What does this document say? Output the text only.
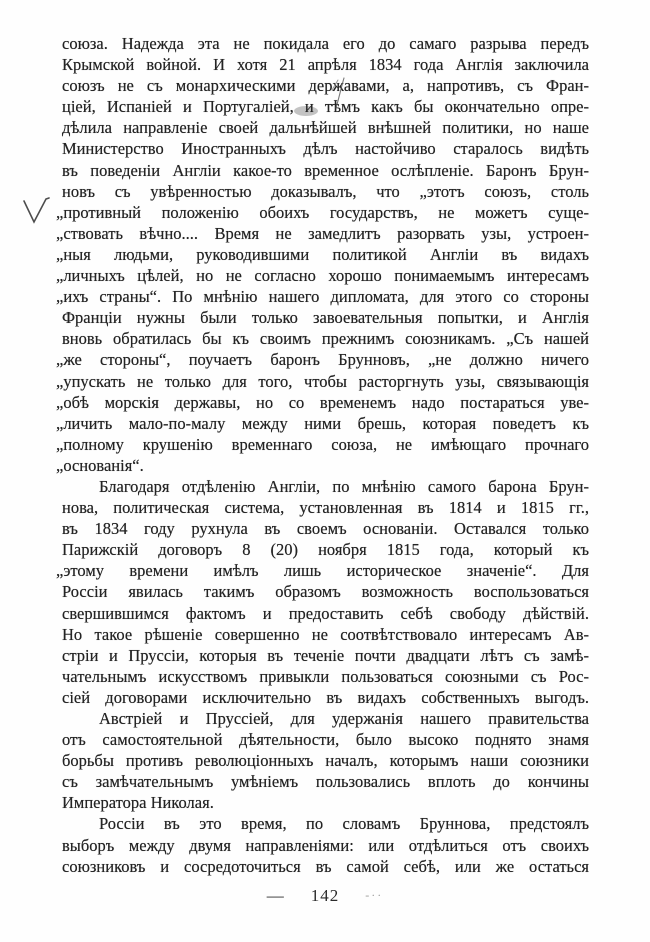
союза. Надежда эта не покидала его до самаго разрыва передъ
Крымской войной. И хотя 21 апрѣля 1834 года Англія заключила
союзъ не съ монархическими державами, а, напротивъ, съ Фран-
ціей, Испаніей и Португаліей, и тѣмъ какъ бы окончательно опре-
дѣлила направленіе своей дальнѣйшей внѣшней политики, но наше
Министерство Иностранныхъ дѣлъ настойчиво старалось видѣть
въ поведеніи Англіи какое-то временное ослѣпленіе. Баронъ Брун-
новъ съ увѣренностью доказывалъ, что „этотъ союзъ, столь
„противный положенію обоихъ государствъ, не можетъ суще-
„ствовать вѣчно.... Время не замедлитъ разорвать узы, устроен-
„ныя людьми, руководившими политикой Англіи въ видахъ
„личныхъ цѣлей, но не согласно хорошо понимаемымъ интересамъ
„ихъ страны“. По мнѣнію нашего дипломата, для этого со стороны
Франціи нужны были только завоевательныя попытки, и Англія
вновь обратилась бы къ своимъ прежнимъ союзникамъ. „Съ нашей
„же стороны“, поучаетъ баронъ Брунновъ, „не должно ничего
„упускать не только для того, чтобы расторгнуть узы, связывающія
„обѣ морскія державы, но со временемъ надо постараться уве-
„личить мало-по-малу между ними брешь, которая поведетъ къ
„полному крушенію временнаго союза, не имѣющаго прочнаго
„основанія“.
Благодаря отдѣленію Англіи, по мнѣнію самого барона Брун-
нова, политическая система, установленная въ 1814 и 1815 гг.,
въ 1834 году рухнула въ своемъ основаніи. Оставался только
Парижскій договоръ 8 (20) ноября 1815 года, который къ
„этому времени имѣлъ лишь историческое значеніе“. Для
Россіи явилась такимъ образомъ возможность воспользоваться
свершившимся фактомъ и предоставить себѣ свободу дѣйствій.
Но такое рѣшеніе совершенно не соотвѣтствовало интересамъ Ав-
стріи и Пруссіи, которыя въ теченіе почти двадцати лѣтъ съ замѣ-
чательнымъ искусствомъ привыкли пользоваться союзными съ Рос-
сіей договорами исключительно въ видахъ собственныхъ выгодъ.
Австріей и Пруссіей, для удержанія нашего правительства
отъ самостоятельной дѣятельности, было высоко поднято знамя
борьбы противъ революціонныхъ началъ, которымъ наши союзники
съ замѣчательнымъ умѣніемъ пользовались вплоть до кончины
Императора Николая.
Россіи въ это время, по словамъ Бруннова, предстоялъ
выборъ между двумя направленіями: или отдѣлиться отъ своихъ
союзниковъ и сосредоточиться въ самой себѣ, или же остаться
— 142 -··
